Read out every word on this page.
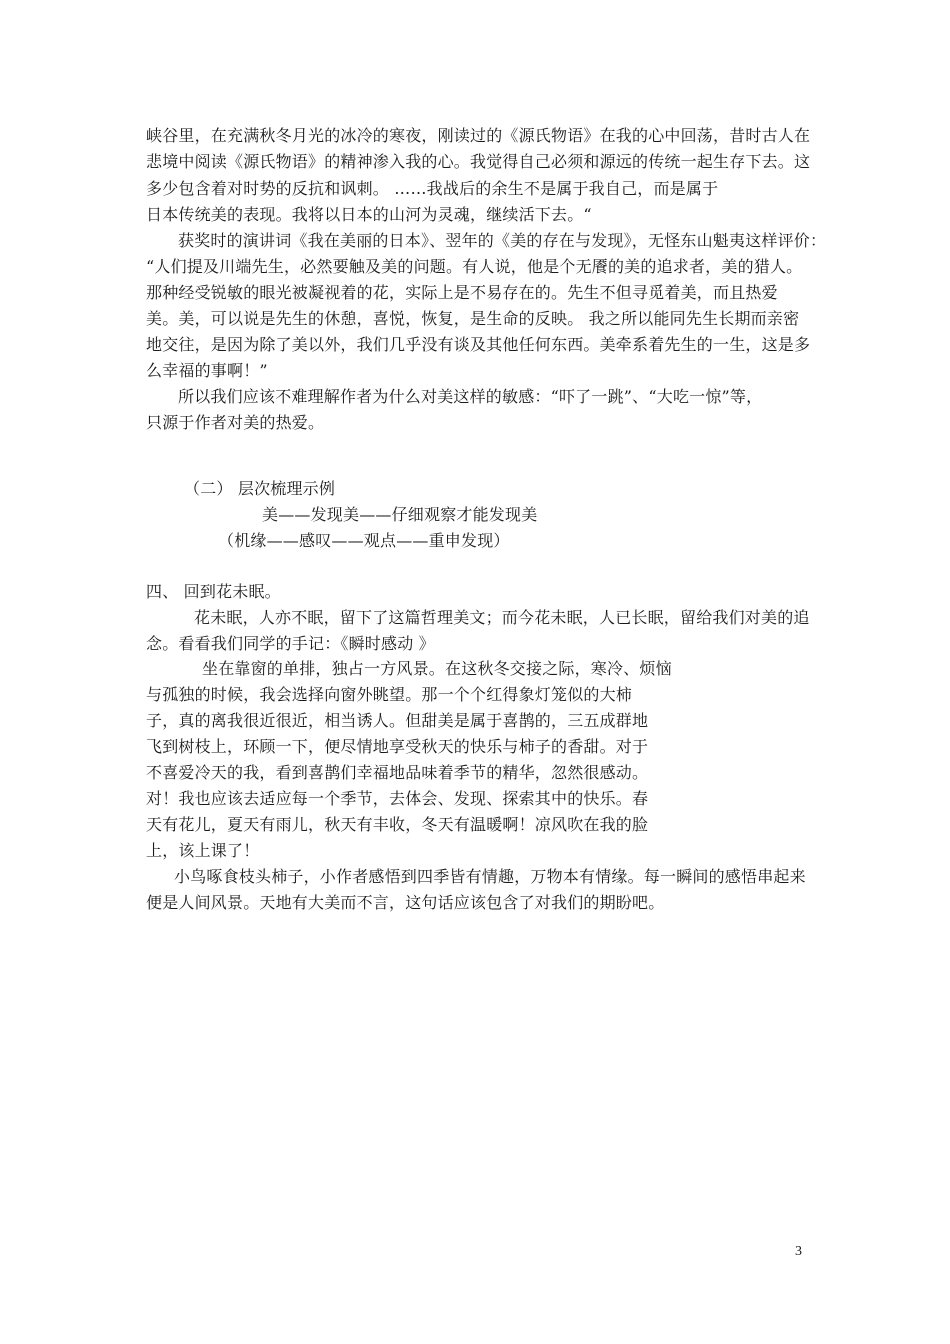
峡谷里，在充满秋冬月光的冰冷的寒夜，刚读过的《源氏物语》在我的心中回荡，昔时古人在
悲境中阅读《源氏物语》的精神渗入我的心。我觉得自己必须和源远的传统一起生存下去。这
多少包含着对时势的反抗和讽刺。 ……我战后的余生不是属于我自己，而是属于
日本传统美的表现。我将以日本的山河为灵魂，继续活下去。“
获奖时的演讲词《我在美丽的日本》、翌年的《美的存在与发现》，无怪东山魁夷这样评价：
“人们提及川端先生，必然要触及美的问题。有人说，他是个无餍的美的追求者，美的猎人。
那种经受锐敏的眼光被凝视着的花，实际上是不易存在的。先生不但寻觅着美，而且热爱
美。美，可以说是先生的休憩，喜悦，恢复，是生命的反映。 我之所以能同先生长期而亲密
地交往，是因为除了美以外，我们几乎没有谈及其他任何东西。美牵系着先生的一生，这是多
么幸福的事啊！”
所以我们应该不难理解作者为什么对美这样的敏感：“吓了一跳”、“大吃一惊”等，
只源于作者对美的热爱。
（二） 层次梳理示例
美——发现美——仔细观察才能发现美
（机缘——感叹——观点——重申发现）
四、 回到花未眠。
花未眠，人亦不眠，留下了这篇哲理美文；而今花未眠，人已长眠，留给我们对美的追
念。看看我们同学的手记：《瞬时感动 》
坐在靠窗的单排，独占一方风景。在这秋冬交接之际，寒冷、烦恼
与孤独的时候，我会选择向窗外眺望。那一个个红得象灯笼似的大柿
子，真的离我很近很近，相当诱人。但甜美是属于喜鹊的，三五成群地
飞到树枝上，环顾一下，便尽情地享受秋天的快乐与柿子的香甜。对于
不喜爱冷天的我，看到喜鹊们幸福地品味着季节的精华，忽然很感动。
对！我也应该去适应每一个季节，去体会、发现、探索其中的快乐。春
天有花儿，夏天有雨儿，秋天有丰收，冬天有温暖啊！凉风吹在我的脸
上，该上课了！
小鸟啄食枝头柿子，小作者感悟到四季皆有情趣，万物本有情缘。每一瞬间的感悟串起来
便是人间风景。天地有大美而不言，这句话应该包含了对我们的期盼吧。
3
